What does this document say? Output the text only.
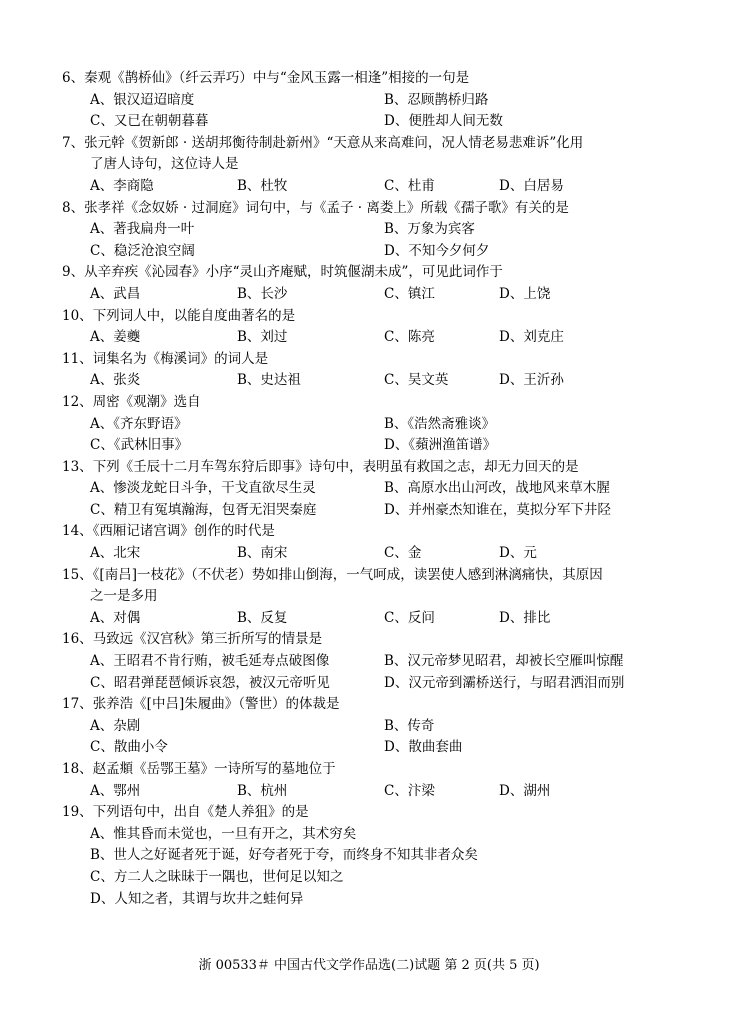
6、秦观《鹊桥仙》（纤云弄巧）中与“金风玉露一相逢”相接的一句是
A、银汉迢迢暗度	B、忍顾鹊桥归路
C、又已在朝朝暮暮	D、便胜却人间无数
7、张元幹《贺新郎 · 送胡邦衡待制赴新州》“天意从来高难问，况人情老易悲难诉”化用
了唐人诗句，这位诗人是
A、李商隐	B、杜牧	C、杜甫	D、白居易
8、张孝祥《念奴娇 · 过洞庭》词句中，与《孟子 · 离娄上》所载《孺子歌》有关的是
A、著我扁舟一叶	B、万象为宾客
C、稳泛沧浪空阔	D、不知今夕何夕
9、从辛弃疾《沁园春》小序“灵山齐庵赋，时筑偃湖未成”，可见此词作于
A、武昌	B、长沙	C、镇江	D、上饶
10、下列词人中，以能自度曲著名的是
A、姜夔	B、刘过	C、陈亮	D、刘克庄
11、词集名为《梅溪词》的词人是
A、张炎	B、史达祖	C、吴文英	D、王沂孙
12、周密《观潮》选自
A、《齐东野语》	B、《浩然斋雅谈》
C、《武林旧事》	D、《蘋洲渔笛谱》
13、下列《壬辰十二月车驾东狩后即事》诗句中，表明虽有救国之志，却无力回天的是
A、惨淡龙蛇日斗争，干戈直欲尽生灵	B、高原水出山河改，战地风来草木腥
C、精卫有冤填瀚海，包胥无泪哭秦庭	D、并州豪杰知谁在，莫拟分军下井陉
14、《西厢记诸宫调》创作的时代是
A、北宋	B、南宋	C、金	D、元
15、《[南吕]一枝花》（不伏老）势如排山倒海，一气呵成，读罢使人感到淋漓痛快，其原因
之一是多用
A、对偶	B、反复	C、反问	D、排比
16、马致远《汉宫秋》第三折所写的情景是
A、王昭君不肯行贿，被毛延寿点破图像	B、汉元帝梦见昭君，却被长空雁叫惊醒
C、昭君弹琵琶倾诉哀怨，被汉元帝听见	D、汉元帝到灞桥送行，与昭君洒泪而别
17、张养浩《[中吕]朱履曲》（警世）的体裁是
A、杂剧	B、传奇
C、散曲小令	D、散曲套曲
18、赵孟頫《岳鄂王墓》一诗所写的墓地位于
A、鄂州	B、杭州	C、汴梁	D、湖州
19、下列语句中，出自《楚人养狙》的是
A、惟其昏而未觉也，一旦有开之，其术穷矣
B、世人之好诞者死于诞，好夸者死于夸，而终身不知其非者众矣
C、方二人之昧昧于一隅也，世何足以知之
D、人知之者，其谓与坎井之蛙何异
浙 00533＃ 中国古代文学作品选(二)试题 第 2 页(共 5 页)
